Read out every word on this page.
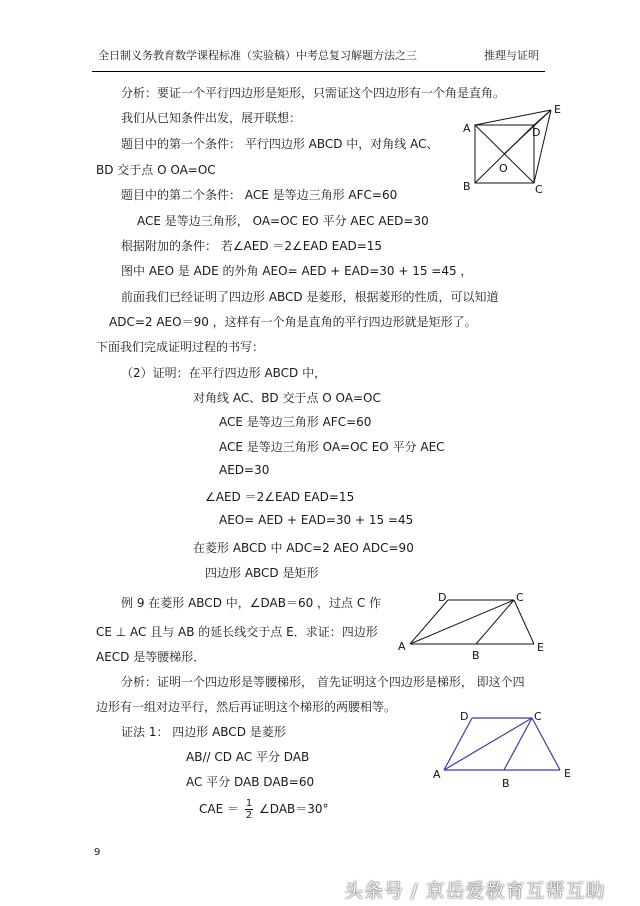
全日制义务教育数学课程标准（实验稿）中考总复习解题方法之三	推理与证明
分析：要证一个平行四边形是矩形，只需证这个四边形有一个角是直角。
我们从已知条件出发，展开联想：
题目中的第一个条件： 平行四边形 ABCD 中，对角线 AC、
BD 交于点 O OA=OC
题目中的第二个条件： ACE 是等边三角形 AFC=60
ACE 是等边三角形， OA=OC EO 平分 AEC AED=30
根据附加的条件： 若∠AED ＝2∠EAD EAD=15
图中 AEO 是 ADE 的外角 AEO= AED + EAD=30 + 15 =45 ，
前面我们已经证明了四边形 ABCD 是菱形，根据菱形的性质，可以知道
ADC=2 AEO＝90 ，这样有一个角是直角的平行四边形就是矩形了。
下面我们完成证明过程的书写：
（2）证明：在平行四边形 ABCD 中，
对角线 AC、BD 交于点 O OA=OC
ACE 是等边三角形 AFC=60
ACE 是等边三角形 OA=OC EO 平分 AEC
AED=30
∠AED ＝2∠EAD EAD=15
AEO= AED + EAD=30 + 15 =45
在菱形 ABCD 中 ADC=2 AEO ADC=90
四边形 ABCD 是矩形
例 9 在菱形 ABCD 中，∠DAB＝60 ，过点 C 作
CE ⊥ AC 且与 AB 的延长线交于点 E．求证：四边形
AECD 是等腰梯形．
分析：证明一个四边形是等腰梯形， 首先证明这个四边形是梯形， 即这个四
边形有一组对边平行，然后再证明这个梯形的两腰相等。
证法 1： 四边形 ABCD 是菱形
AB// CD AC 平分 DAB
AC 平分 DAB DAB=60
CAE ＝ $\frac{1}{2}$ ∠DAB＝30°
A
B	C
D
E
O
D	C
A
B
E
D	C
A
B
E
9
头条号 / 京岳爱教育互帮互助
